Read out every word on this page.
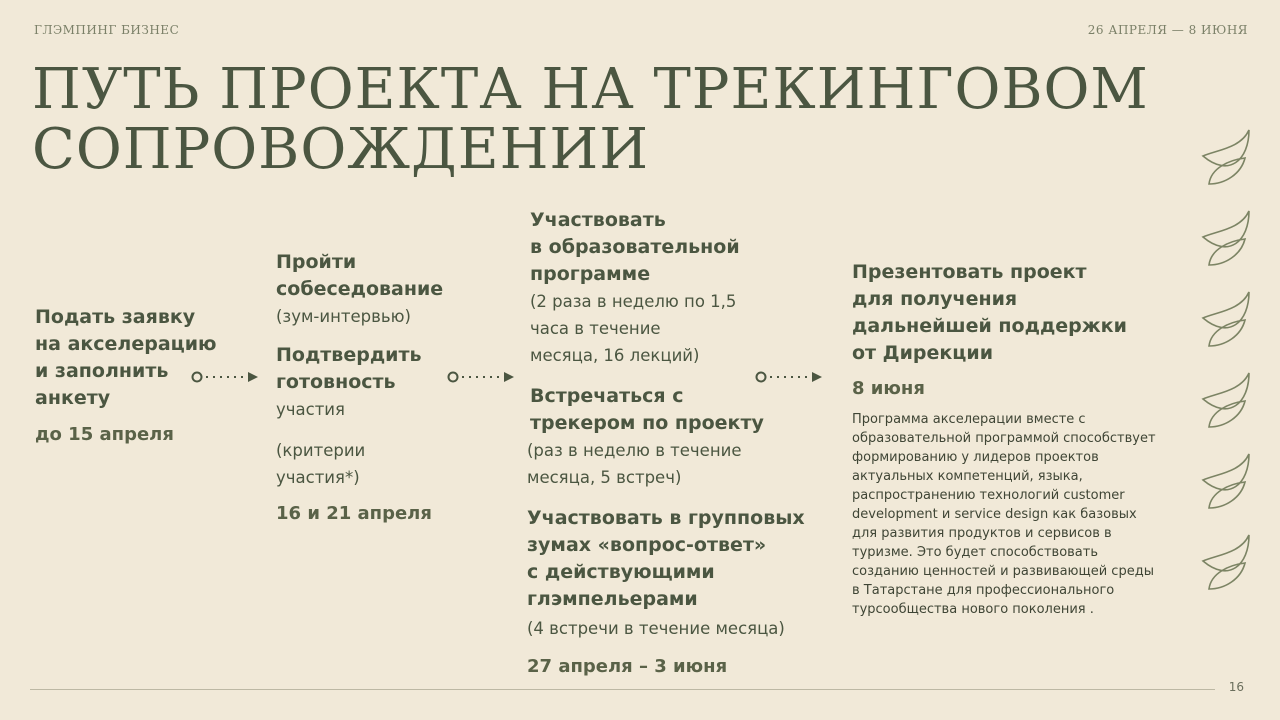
ГЛЭМПИНГ БИЗНЕС	26 АПРЕЛЯ — 8 ИЮНЯ
ПУТЬ ПРОЕКТА НА ТРЕКИНГОВОМ СОПРОВОЖДЕНИИ

Подать заявку
на акселерацию
и заполнить
анкету

до 15 апреля

Пройти
собеседование

(зум-интервью)

Подтвердить
готовность

участия

(критерии
участия*)

16 и 21 апреля

Участвовать
в образовательной
программе

(2 раза в неделю по 1,5
часа в течение
месяца, 16 лекций)

Встречаться с
трекером по проекту

(раз в неделю в течение
месяца, 5 встреч)

Участвовать в групповых
зумах «вопрос-ответ»
с действующими
глэмпельерами

(4 встречи в течение месяца)

27 апреля – 3 июня

Презентовать проект
для получения
дальнейшей поддержки
от Дирекции

8 июня

Программа акселерации вместе с
образовательной программой способствует
формированию у лидеров проектов
актуальных компетенций, языка,
распространению технологий customer
development и service design как базовых
для развития продуктов и сервисов в
туризме. Это будет способствовать
созданию ценностей и развивающей среды
в Татарстане для профессионального
турсообщества нового поколения .

16
